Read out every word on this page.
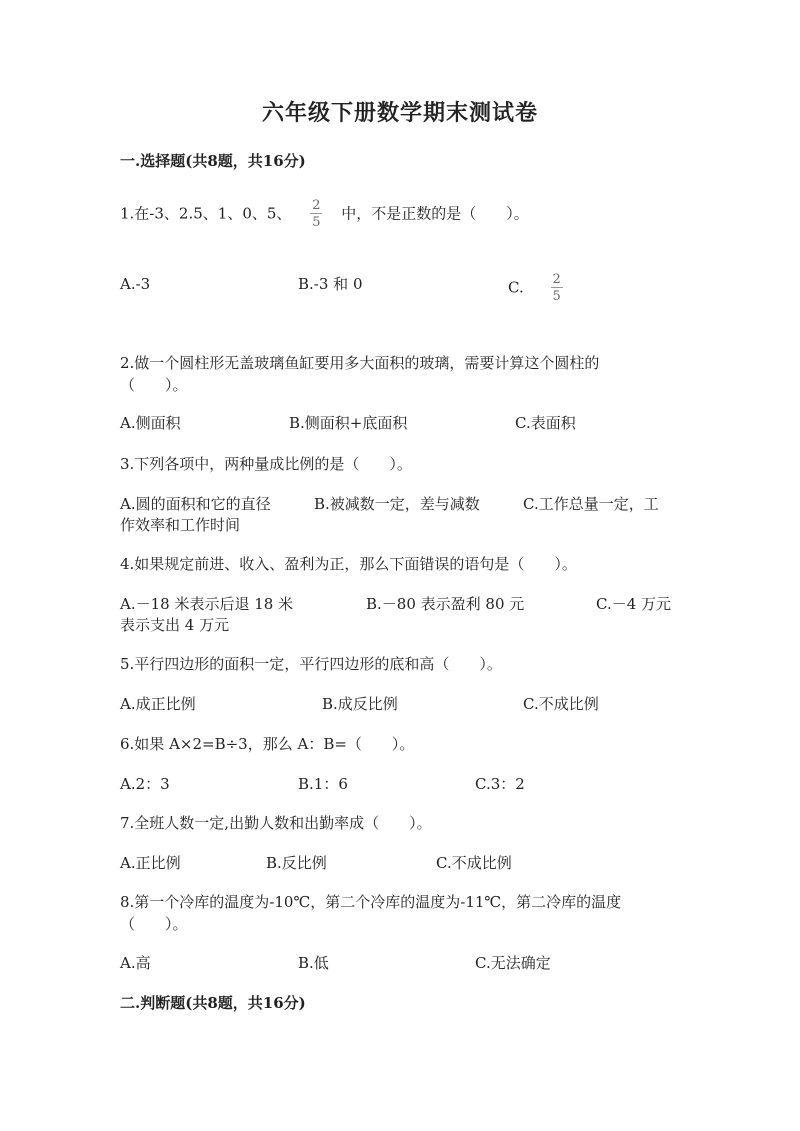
六年级下册数学期末测试卷
一.选择题(共8题，共16分)
1.在-3、2.5、1、0、5、 $\frac{2}{5}$ 中，不是正数的是（　　）。
A.-3	B.-3 和 0	C. $\frac{2}{5}$
2.做一个圆柱形无盖玻璃鱼缸要用多大面积的玻璃，需要计算这个圆柱的
（　　）。
A.侧面积	B.侧面积+底面积	C.表面积
3.下列各项中，两种量成比例的是（　　）。
A.圆的面积和它的直径	B.被减数一定，差与减数	C.工作总量一定，工
作效率和工作时间
4.如果规定前进、收入、盈利为正，那么下面错误的语句是（　　）。
A.－18 米表示后退 18 米	B.－80 表示盈利 80 元	C.－4 万元
表示支出 4 万元
5.平行四边形的面积一定，平行四边形的底和高（　　）。
A.成正比例	B.成反比例	C.不成比例
6.如果 A×2=B÷3，那么 A：B=（　　）。
A.2：3	B.1：6	C.3：2
7.全班人数一定,出勤人数和出勤率成（　　）。
A.正比例	B.反比例	C.不成比例
8.第一个冷库的温度为-10℃，第二个冷库的温度为-11℃，第二冷库的温度
（　　）。
A.高	B.低	C.无法确定
二.判断题(共8题，共16分)
